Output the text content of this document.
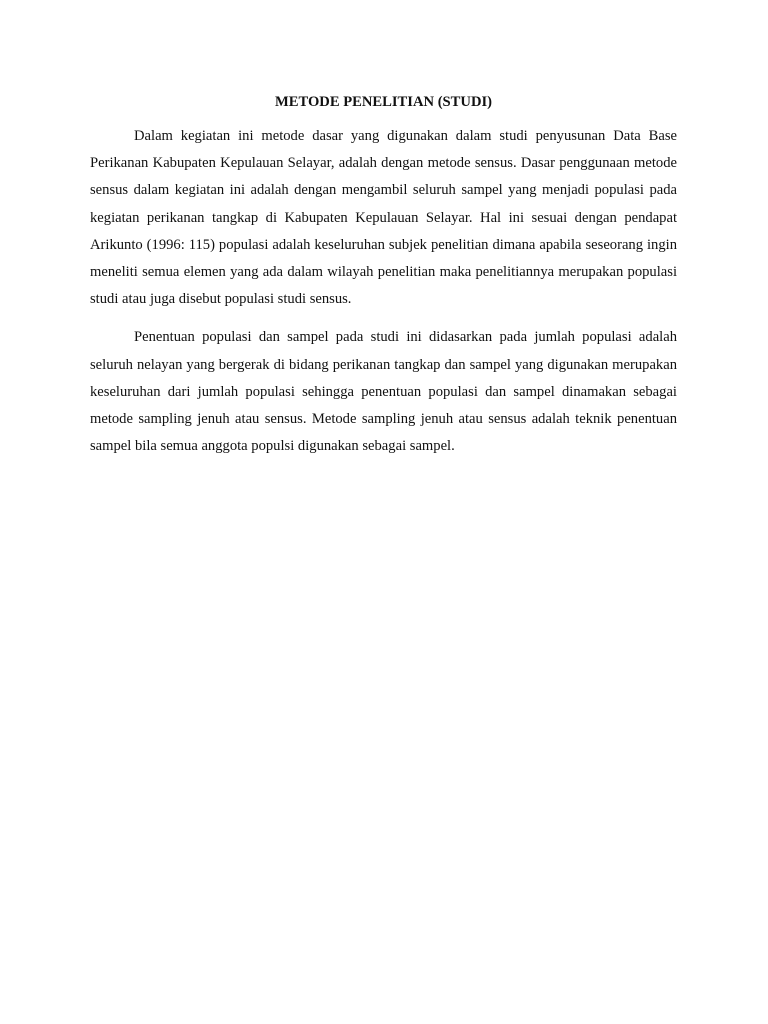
METODE PENELITIAN (STUDI)

Dalam kegiatan ini metode dasar yang digunakan dalam studi penyusunan Data Base Perikanan Kabupaten Kepulauan Selayar, adalah dengan metode sensus. Dasar penggunaan metode sensus dalam kegiatan ini adalah dengan mengambil seluruh sampel yang menjadi populasi pada kegiatan perikanan tangkap di Kabupaten Kepulauan Selayar. Hal ini sesuai dengan pendapat Arikunto (1996: 115) populasi adalah keseluruhan subjek penelitian dimana apabila seseorang ingin meneliti semua elemen yang ada dalam wilayah penelitian maka penelitiannya merupakan populasi studi atau juga disebut populasi studi sensus.

Penentuan populasi dan sampel pada studi ini didasarkan pada jumlah populasi adalah seluruh nelayan yang bergerak di bidang perikanan tangkap dan sampel yang digunakan merupakan keseluruhan dari jumlah populasi sehingga penentuan populasi dan sampel dinamakan sebagai metode sampling jenuh atau sensus. Metode sampling jenuh atau sensus adalah teknik penentuan sampel bila semua anggota populsi digunakan sebagai sampel.
